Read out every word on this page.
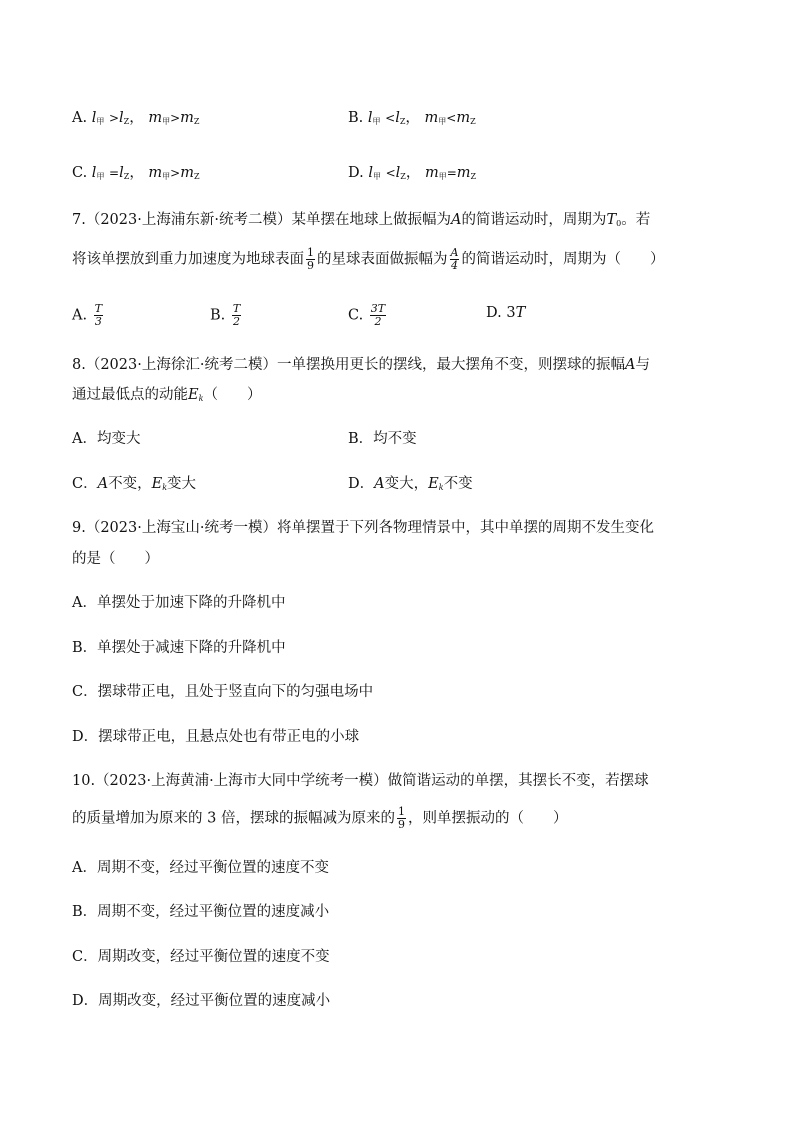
A. $l_甲 >l_Z$， $m_甲>m_Z$	B. $l_甲 <l_Z$， $m_甲<m_Z$
C. $l_甲 =l_Z$， $m_甲>m_Z$	D. $l_甲 <l_Z$， $m_甲=m_Z$
7.（2023·上海浦东新·统考二模）某单摆在地球上做振幅为A的简谐运动时，周期为$T_0$。若
将该单摆放到重力加速度为地球表面 $\frac{1}{9}$ 的星球表面做振幅为 $\frac{A}{4}$ 的简谐运动时，周期为（　　）
A. $\frac{T}{3}$	B. $\frac{T}{2}$	C. $\frac{3T}{2}$	D. 3T
8.（2023·上海徐汇·统考二模）一单摆换用更长的摆线，最大摆角不变，则摆球的振幅A与
通过最低点的动能$E_k$（　　）
A．均变大	B．均不变
C．A不变，$E_k$变大	D．A变大，$E_k$不变
9.（2023·上海宝山·统考一模）将单摆置于下列各物理情景中，其中单摆的周期不发生变化
的是（　　）
A．单摆处于加速下降的升降机中
B．单摆处于减速下降的升降机中
C．摆球带正电，且处于竖直向下的匀强电场中
D．摆球带正电，且悬点处也有带正电的小球
10.（2023·上海黄浦·上海市大同中学统考一模）做简谐运动的单摆，其摆长不变，若摆球
的质量增加为原来的 3 倍，摆球的振幅减为原来的 $\frac{1}{9}$ ，则单摆振动的（　　）
A．周期不变，经过平衡位置的速度不变
B．周期不变，经过平衡位置的速度减小
C．周期改变，经过平衡位置的速度不变
D．周期改变，经过平衡位置的速度减小
